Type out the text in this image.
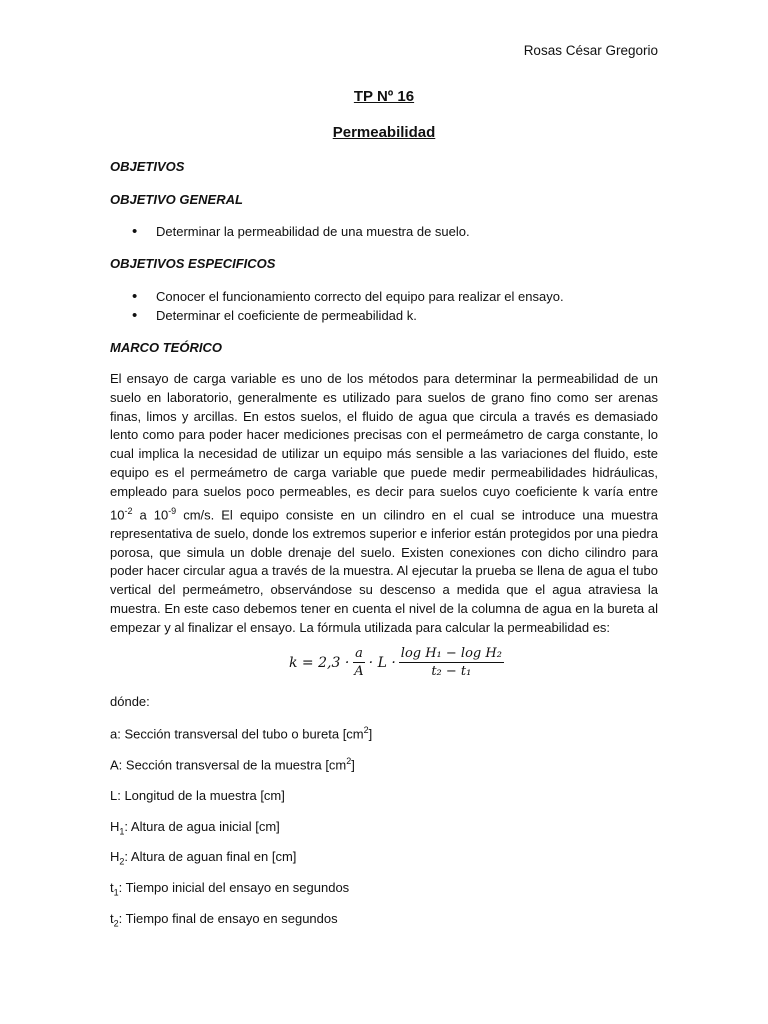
Rosas César Gregorio
TP Nº 16
Permeabilidad
OBJETIVOS
OBJETIVO GENERAL
• Determinar la permeabilidad de una muestra de suelo.
OBJETIVOS ESPECIFICOS
• Conocer el funcionamiento correcto del equipo para realizar el ensayo.
• Determinar el coeficiente de permeabilidad k.
MARCO TEÓRICO
El ensayo de carga variable es uno de los métodos para determinar la permeabilidad de un suelo en laboratorio, generalmente es utilizado para suelos de grano fino como ser arenas finas, limos y arcillas. En estos suelos, el fluido de agua que circula a través es demasiado lento como para poder hacer mediciones precisas con el permeámetro de carga constante, lo cual implica la necesidad de utilizar un equipo más sensible a las variaciones del fluido, este equipo es el permeámetro de carga variable que puede medir permeabilidades hidráulicas, empleado para suelos poco permeables, es decir para suelos cuyo coeficiente k varía entre $10^{-2}$ a $10^{-9}$ cm/s. El equipo consiste en un cilindro en el cual se introduce una muestra representativa de suelo, donde los extremos superior e inferior están protegidos por una piedra porosa, que simula un doble drenaje del suelo. Existen conexiones con dicho cilindro para poder hacer circular agua a través de la muestra. Al ejecutar la prueba se llena de agua el tubo vertical del permeámetro, observándose su descenso a medida que el agua atraviesa la muestra. En este caso debemos tener en cuenta el nivel de la columna de agua en la bureta al empezar y al finalizar el ensayo. La fórmula utilizada para calcular la permeabilidad es:
$k = 2,3 \cdot \frac{a}{A} \cdot L \cdot \frac{\text{log H₁ − log H₂}}{\text{t₂ − t₁}}$
dónde:
a: Sección transversal del tubo o bureta $[cm^2]$
A: Sección transversal de la muestra $[cm^2]$
L: Longitud de la muestra [cm]
$H_1$: Altura de agua inicial [cm]
$H_2$: Altura de aguan final en [cm]
$t_1$: Tiempo inicial del ensayo en segundos
$t_2$: Tiempo final de ensayo en segundos
